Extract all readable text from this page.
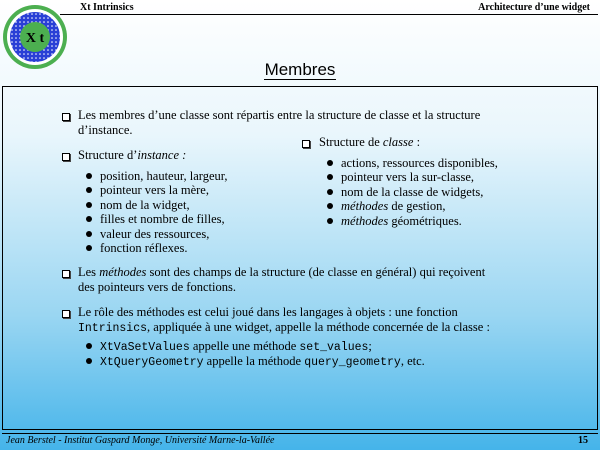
Xt Intrinsics	Architecture d’une widget
X t
Membres
Les membres d’une classe sont répartis entre la structure de classe et la structure
d’instance.
Structure de classe :
actions, ressources disponibles,
pointeur vers la sur-classe,
nom de la classe de widgets,
méthodes de gestion,
méthodes géométriques.
Structure d’instance :
position, hauteur, largeur,
pointeur vers la mère,
nom de la widget,
filles et nombre de filles,
valeur des ressources,
fonction réflexes.
Les méthodes sont des champs de la structure (de classe en général) qui reçoivent
des pointeurs vers de fonctions.
Le rôle des méthodes est celui joué dans les langages à objets : une fonction
Intrinsics, appliquée à une widget, appelle la méthode concernée de la classe :
XtVaSetValues appelle une méthode set_values;
XtQueryGeometry appelle la méthode query_geometry, etc.
Jean Berstel - Institut Gaspard Monge, Université Marne-la-Vallée	15
